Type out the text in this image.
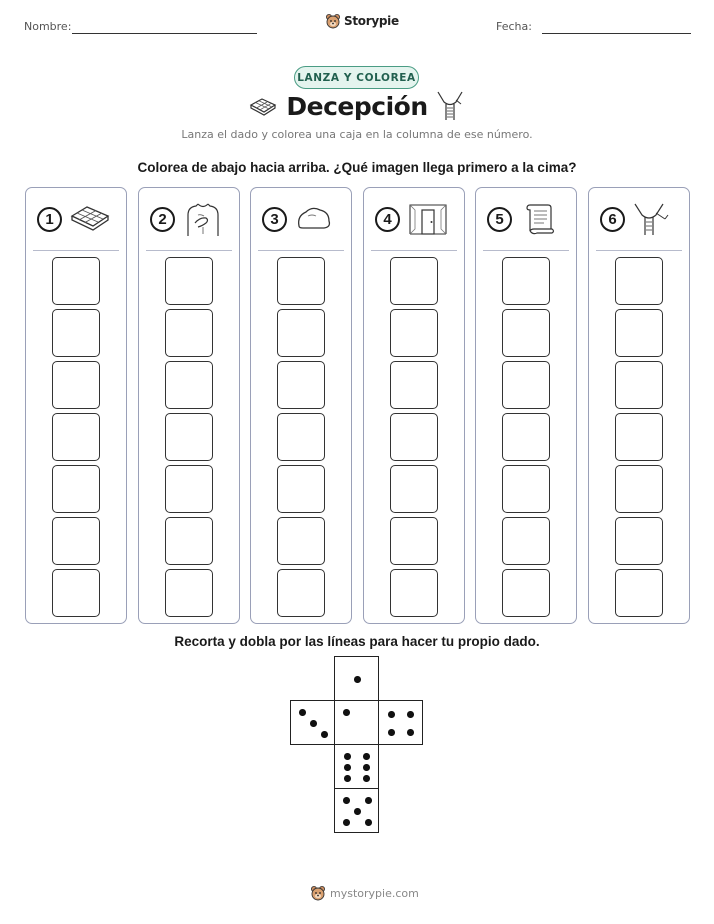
Nombre:	Storypie	Fecha:
LANZA Y COLOREA
Decepción
Lanza el dado y colorea una caja en la columna de ese número.
Colorea de abajo hacia arriba. ¿Qué imagen llega primero a la cima?
1	2	3	4	5	6
Recorta y dobla por las líneas para hacer tu propio dado.
mystorypie.com
